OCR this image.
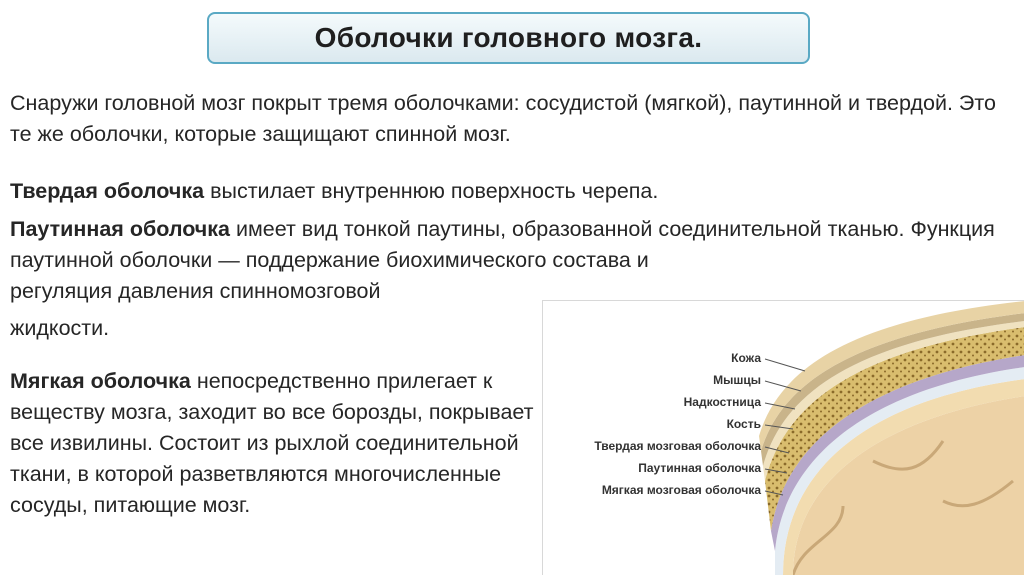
Оболочки головного мозга.

Снаружи головной мозг покрыт тремя оболочками: сосудистой (мягкой), паутинной и твердой. Это те же оболочки, которые защищают спинной мозг.

Твердая оболочка выстилает внутреннюю поверхность черепа.

Паутинная оболочка имеет вид тонкой паутины, образованной соединительной тканью. Функция паутинной оболочки — поддержание биохимического состава и
регуляция давления спинномозговой
жидкости.

Мягкая оболочка непосредственно прилегает к веществу мозга, заходит во все борозды, покрывает все извилины. Состоит из рыхлой соединительной ткани, в которой разветвляются многочисленные сосуды, питающие мозг.

Кожа
Мышцы
Надкостница
Кость
Твердая мозговая оболочка
Паутинная оболочка
Мягкая мозговая оболочка
